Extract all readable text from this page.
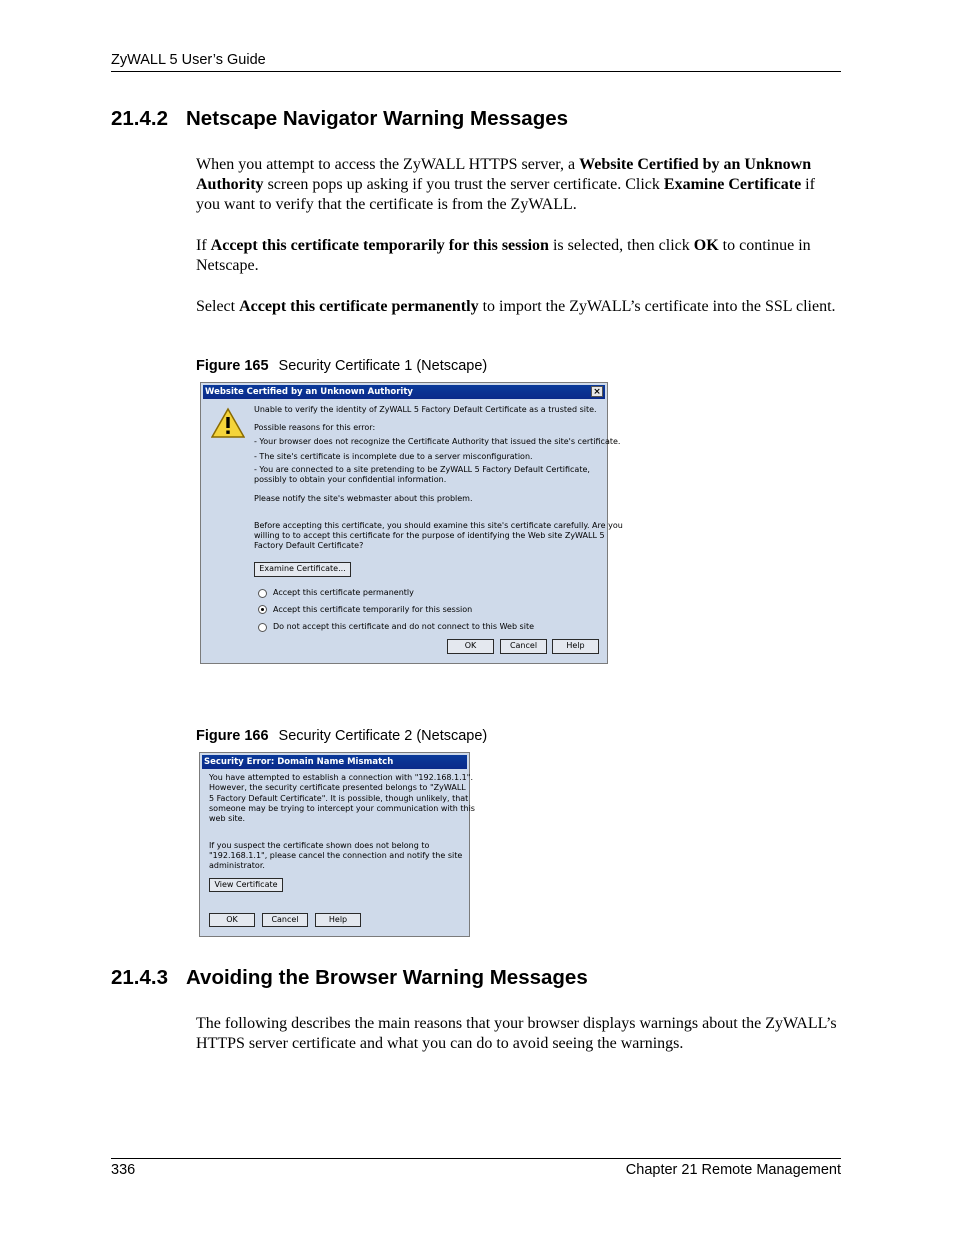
ZyWALL 5 User’s Guide
21.4.2 Netscape Navigator Warning Messages
When you attempt to access the ZyWALL HTTPS server, a Website Certified by an Unknown Authority screen pops up asking if you trust the server certificate. Click Examine Certificate if you want to verify that the certificate is from the ZyWALL.
If Accept this certificate temporarily for this session is selected, then click OK to continue in Netscape.
Select Accept this certificate permanently to import the ZyWALL’s certificate into the SSL client.
Figure 165 Security Certificate 1 (Netscape)
Website Certified by an Unknown Authority	×
Unable to verify the identity of ZyWALL 5 Factory Default Certificate as a trusted site.
Possible reasons for this error:
- Your browser does not recognize the Certificate Authority that issued the site's certificate.
- The site's certificate is incomplete due to a server misconfiguration.
- You are connected to a site pretending to be ZyWALL 5 Factory Default Certificate,
possibly to obtain your confidential information.
Please notify the site's webmaster about this problem.
Before accepting this certificate, you should examine this site's certificate carefully. Are you
willing to to accept this certificate for the purpose of identifying the Web site ZyWALL 5
Factory Default Certificate?
Examine Certificate...
Accept this certificate permanently
Accept this certificate temporarily for this session
Do not accept this certificate and do not connect to this Web site
OK	Cancel	Help
Figure 166 Security Certificate 2 (Netscape)
Security Error: Domain Name Mismatch
You have attempted to establish a connection with "192.168.1.1".
However, the security certificate presented belongs to "ZyWALL
5 Factory Default Certificate". It is possible, though unlikely, that
someone may be trying to intercept your communication with this
web site.
If you suspect the certificate shown does not belong to
"192.168.1.1", please cancel the connection and notify the site
administrator.
View Certificate
OK	Cancel	Help
21.4.3 Avoiding the Browser Warning Messages
The following describes the main reasons that your browser displays warnings about the ZyWALL’s HTTPS server certificate and what you can do to avoid seeing the warnings.
336	Chapter 21 Remote Management
